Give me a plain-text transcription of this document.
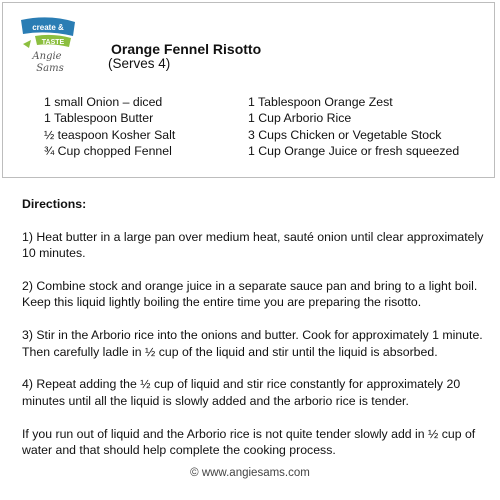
create &
TASTE
Angie
Sams
Orange Fennel Risotto
(Serves 4)
1 small Onion – diced
1 Tablespoon Butter
½ teaspoon Kosher Salt
¾ Cup chopped Fennel
1 Tablespoon Orange Zest
1 Cup Arborio Rice
3 Cups Chicken or Vegetable Stock
1 Cup Orange Juice or fresh squeezed
Directions:
1) Heat butter in a large pan over medium heat, sauté onion until clear approximately 10 minutes.
2) Combine stock and orange juice in a separate sauce pan and bring to a light boil. Keep this liquid lightly boiling the entire time you are preparing the risotto.
3) Stir in the Arborio rice into the onions and butter. Cook for approximately 1 minute. Then carefully ladle in ½ cup of the liquid and stir until the liquid is absorbed.
4) Repeat adding the ½ cup of liquid and stir rice constantly for approximately 20 minutes until all the liquid is slowly added and the arborio rice is tender.
If you run out of liquid and the Arborio rice is not quite tender slowly add in ½ cup of water and that should help complete the cooking process.
© www.angiesams.com
